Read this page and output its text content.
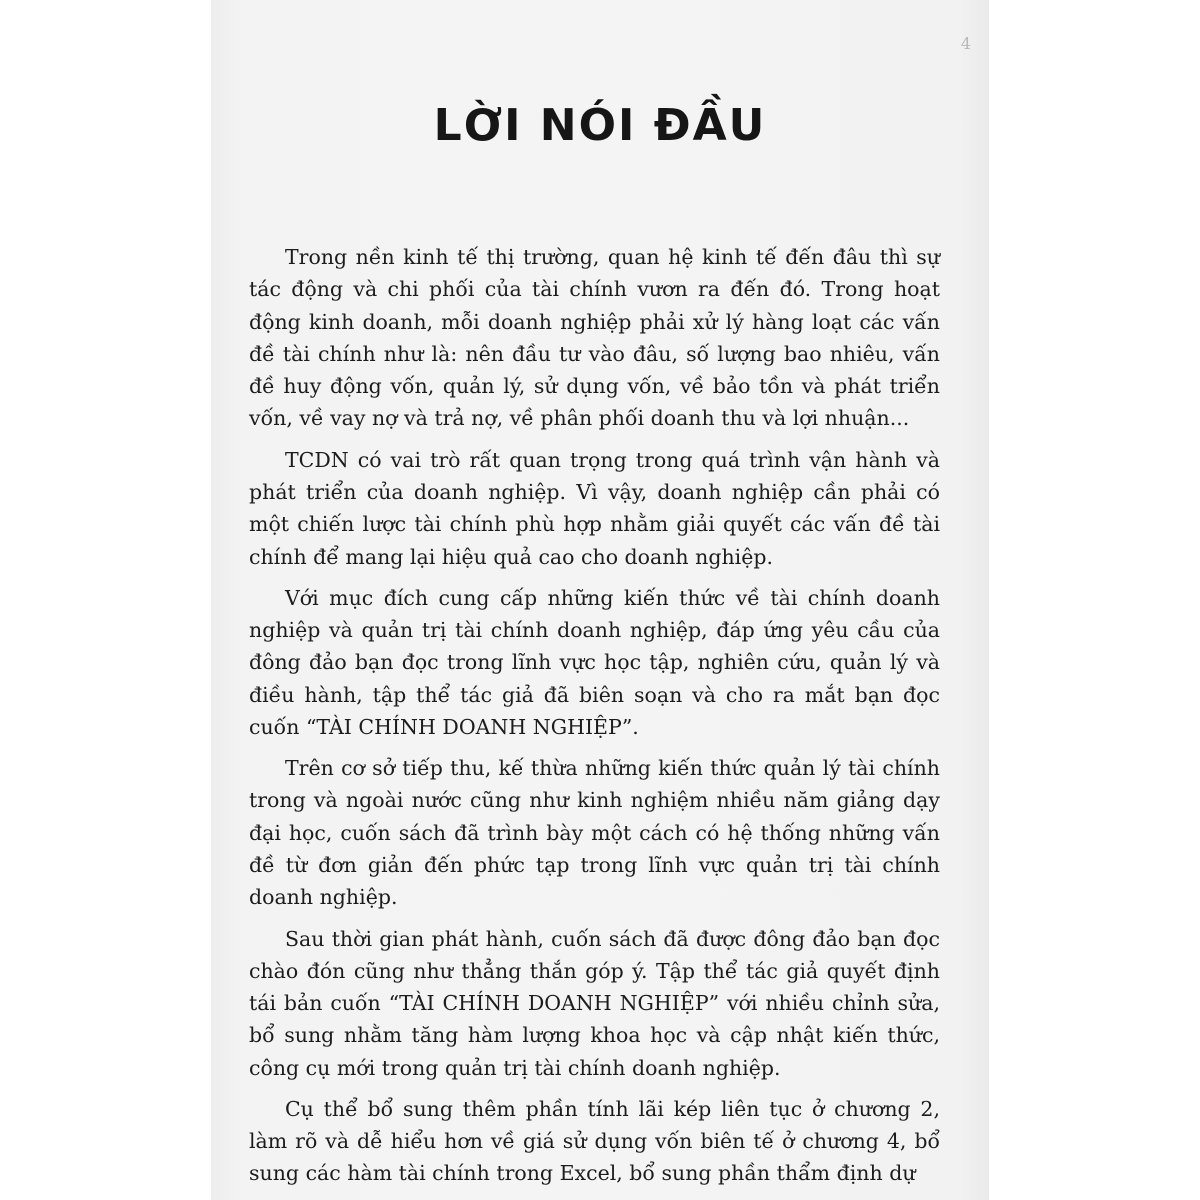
4
LỜI NÓI ĐẦU

Trong nền kinh tế thị trường, quan hệ kinh tế đến đâu thì sự tác động và chi phối của tài chính vươn ra đến đó. Trong hoạt động kinh doanh, mỗi doanh nghiệp phải xử lý hàng loạt các vấn đề tài chính như là: nên đầu tư vào đâu, số lượng bao nhiêu, vấn đề huy động vốn, quản lý, sử dụng vốn, về bảo tồn và phát triển vốn, về vay nợ và trả nợ, về phân phối doanh thu và lợi nhuận...

TCDN có vai trò rất quan trọng trong quá trình vận hành và phát triển của doanh nghiệp. Vì vậy, doanh nghiệp cần phải có một chiến lược tài chính phù hợp nhằm giải quyết các vấn đề tài chính để mang lại hiệu quả cao cho doanh nghiệp.

Với mục đích cung cấp những kiến thức về tài chính doanh nghiệp và quản trị tài chính doanh nghiệp, đáp ứng yêu cầu của đông đảo bạn đọc trong lĩnh vực học tập, nghiên cứu, quản lý và điều hành, tập thể tác giả đã biên soạn và cho ra mắt bạn đọc cuốn “TÀI CHÍNH DOANH NGHIỆP”.

Trên cơ sở tiếp thu, kế thừa những kiến thức quản lý tài chính trong và ngoài nước cũng như kinh nghiệm nhiều năm giảng dạy đại học, cuốn sách đã trình bày một cách có hệ thống những vấn đề từ đơn giản đến phức tạp trong lĩnh vực quản trị tài chính doanh nghiệp.

Sau thời gian phát hành, cuốn sách đã được đông đảo bạn đọc chào đón cũng như thẳng thắn góp ý. Tập thể tác giả quyết định tái bản cuốn “TÀI CHÍNH DOANH NGHIỆP” với nhiều chỉnh sửa, bổ sung nhằm tăng hàm lượng khoa học và cập nhật kiến thức, công cụ mới trong quản trị tài chính doanh nghiệp.

Cụ thể bổ sung thêm phần tính lãi kép liên tục ở chương 2, làm rõ và dễ hiểu hơn về giá sử dụng vốn biên tế ở chương 4, bổ sung các hàm tài chính trong Excel, bổ sung phần thẩm định dự
